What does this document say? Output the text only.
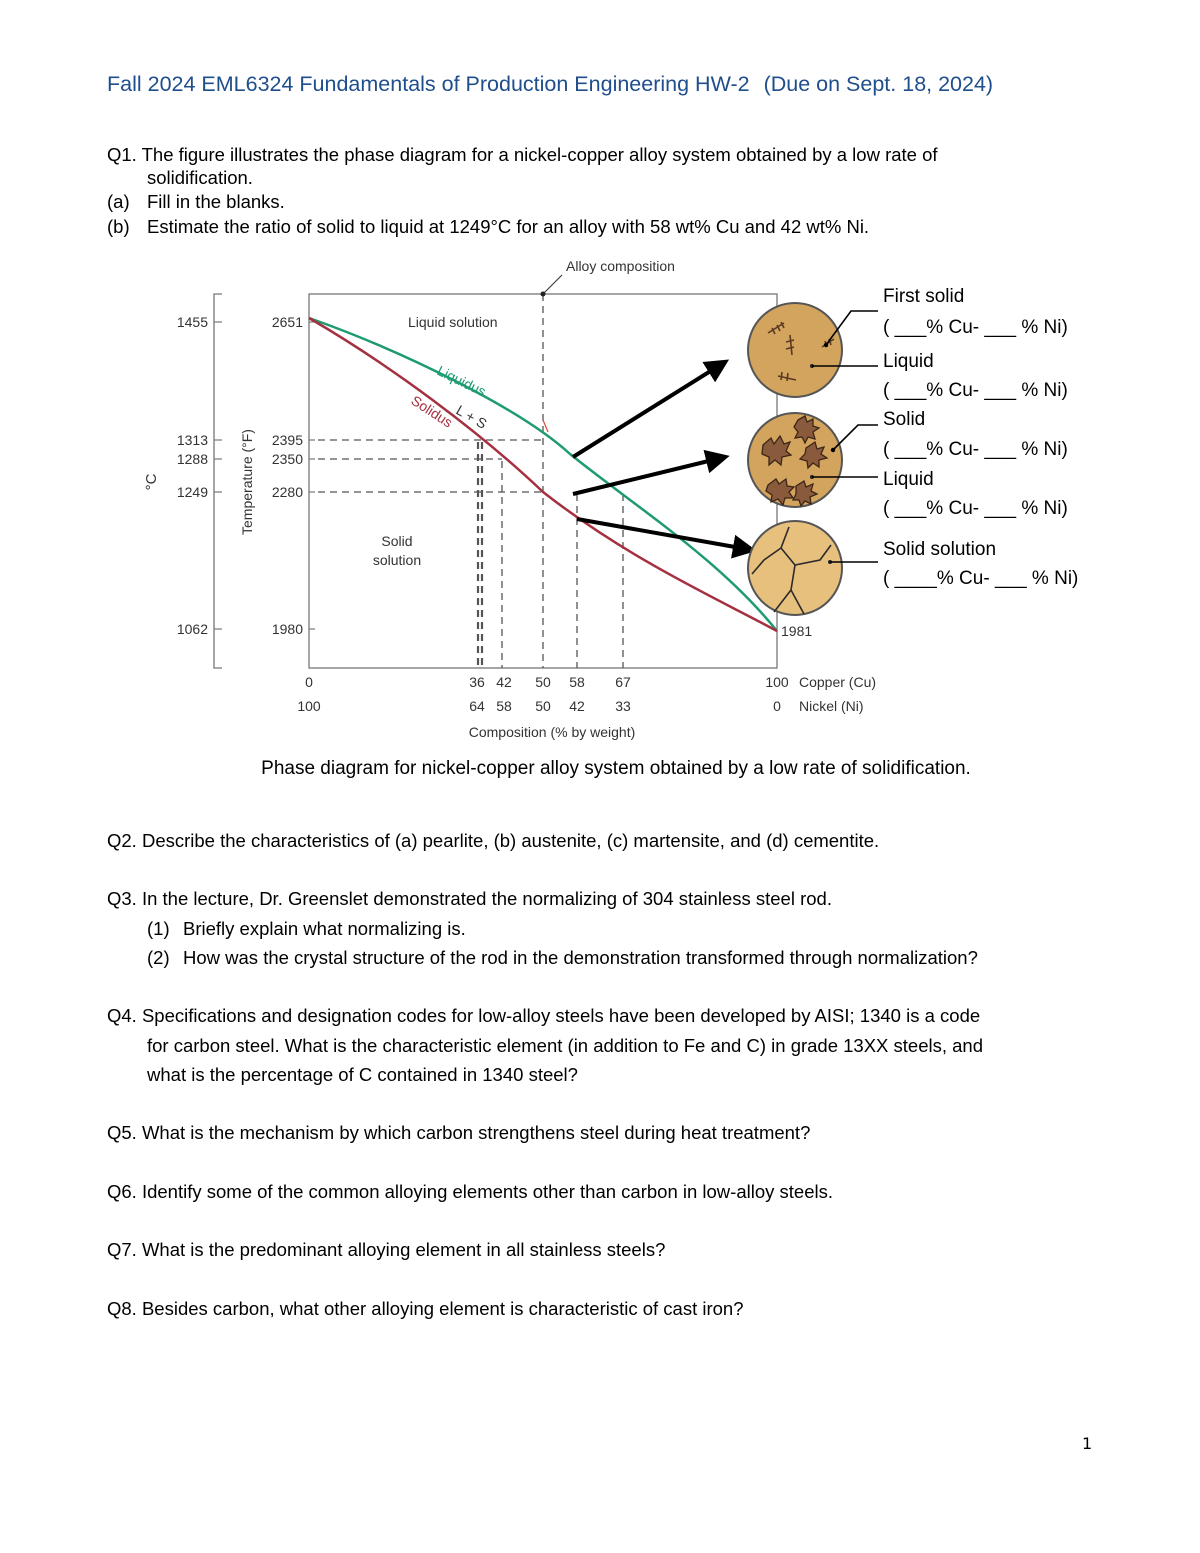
Fall 2024 EML6324 Fundamentals of Production Engineering HW-2 (Due on Sept. 18, 2024)
Q1. The figure illustrates the phase diagram for a nickel-copper alloy system obtained by a low rate of
solidification.
(a) Fill in the blanks.
(b) Estimate the ratio of solid to liquid at 1249°C for an alloy with 58 wt% Cu and 42 wt% Ni.
1455
1313
1288
1249
1062
2651
2395
2350
2280
1980
°C	Temperature (°F)
Alloy composition
Liquid solution
Liquidus
Solidus
L + S
Solid
solution
1981
0	36 42 50 58 67	100 Copper (Cu)
100	64 58 50 42 33	0 Nickel (Ni)
Composition (% by weight)
First solid
( ___% Cu- ___ % Ni)
Liquid
( ___% Cu- ___ % Ni)
Solid
( ___% Cu- ___ % Ni)
Liquid
( ___% Cu- ___ % Ni)
Solid solution
( ____% Cu- ___ % Ni)
Phase diagram for nickel-copper alloy system obtained by a low rate of solidification.
Q2. Describe the characteristics of (a) pearlite, (b) austenite, (c) martensite, and (d) cementite.
Q3. In the lecture, Dr. Greenslet demonstrated the normalizing of 304 stainless steel rod.
(1) Briefly explain what normalizing is.
(2) How was the crystal structure of the rod in the demonstration transformed through normalization?
Q4. Specifications and designation codes for low-alloy steels have been developed by AISI; 1340 is a code
for carbon steel. What is the characteristic element (in addition to Fe and C) in grade 13XX steels, and
what is the percentage of C contained in 1340 steel?
Q5. What is the mechanism by which carbon strengthens steel during heat treatment?
Q6. Identify some of the common alloying elements other than carbon in low-alloy steels.
Q7. What is the predominant alloying element in all stainless steels?
Q8. Besides carbon, what other alloying element is characteristic of cast iron?
1
